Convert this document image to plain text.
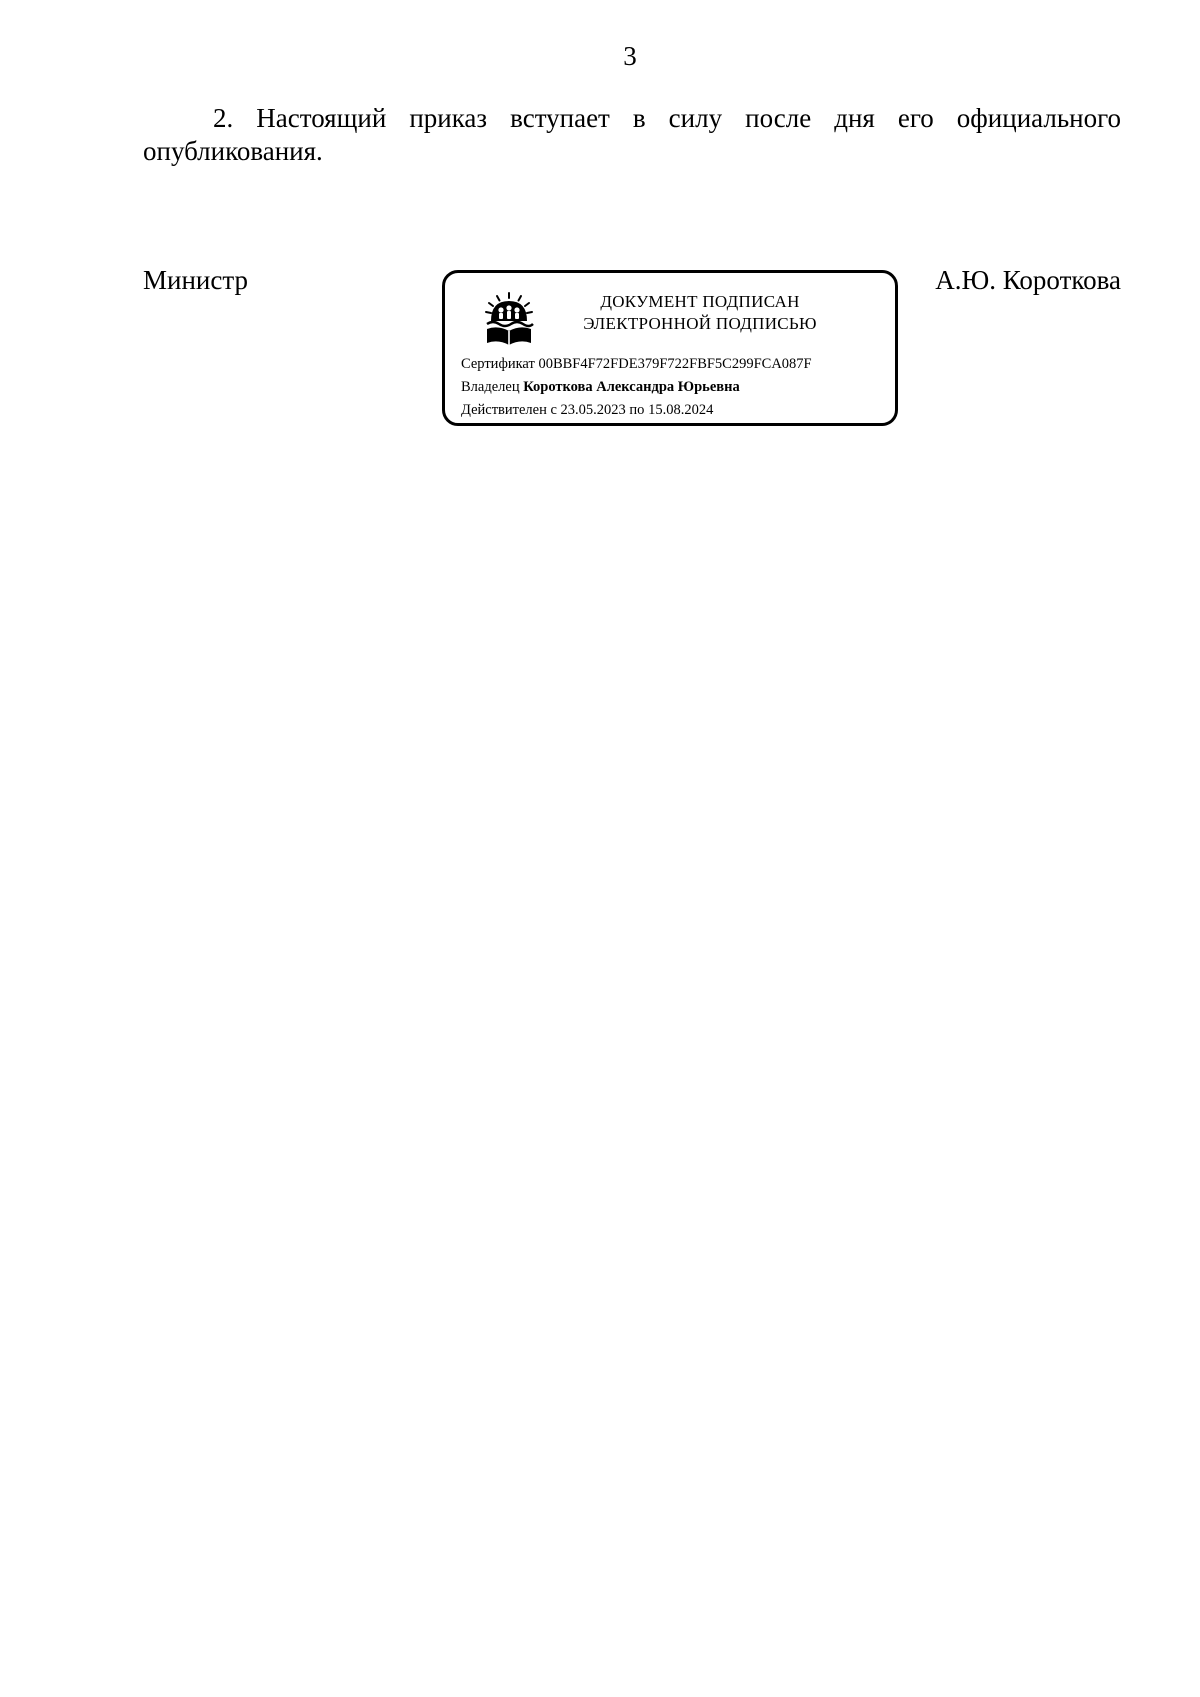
3

2. Настоящий приказ вступает в силу после дня его официального опубликования.

Министр	А.Ю. Короткова
ДОКУМЕНТ ПОДПИСАН
ЭЛЕКТРОННОЙ ПОДПИСЬЮ
Сертификат 00BBF4F72FDE379F722FBF5C299FCA087F
Владелец Короткова Александра Юрьевна
Действителен с 23.05.2023 по 15.08.2024
